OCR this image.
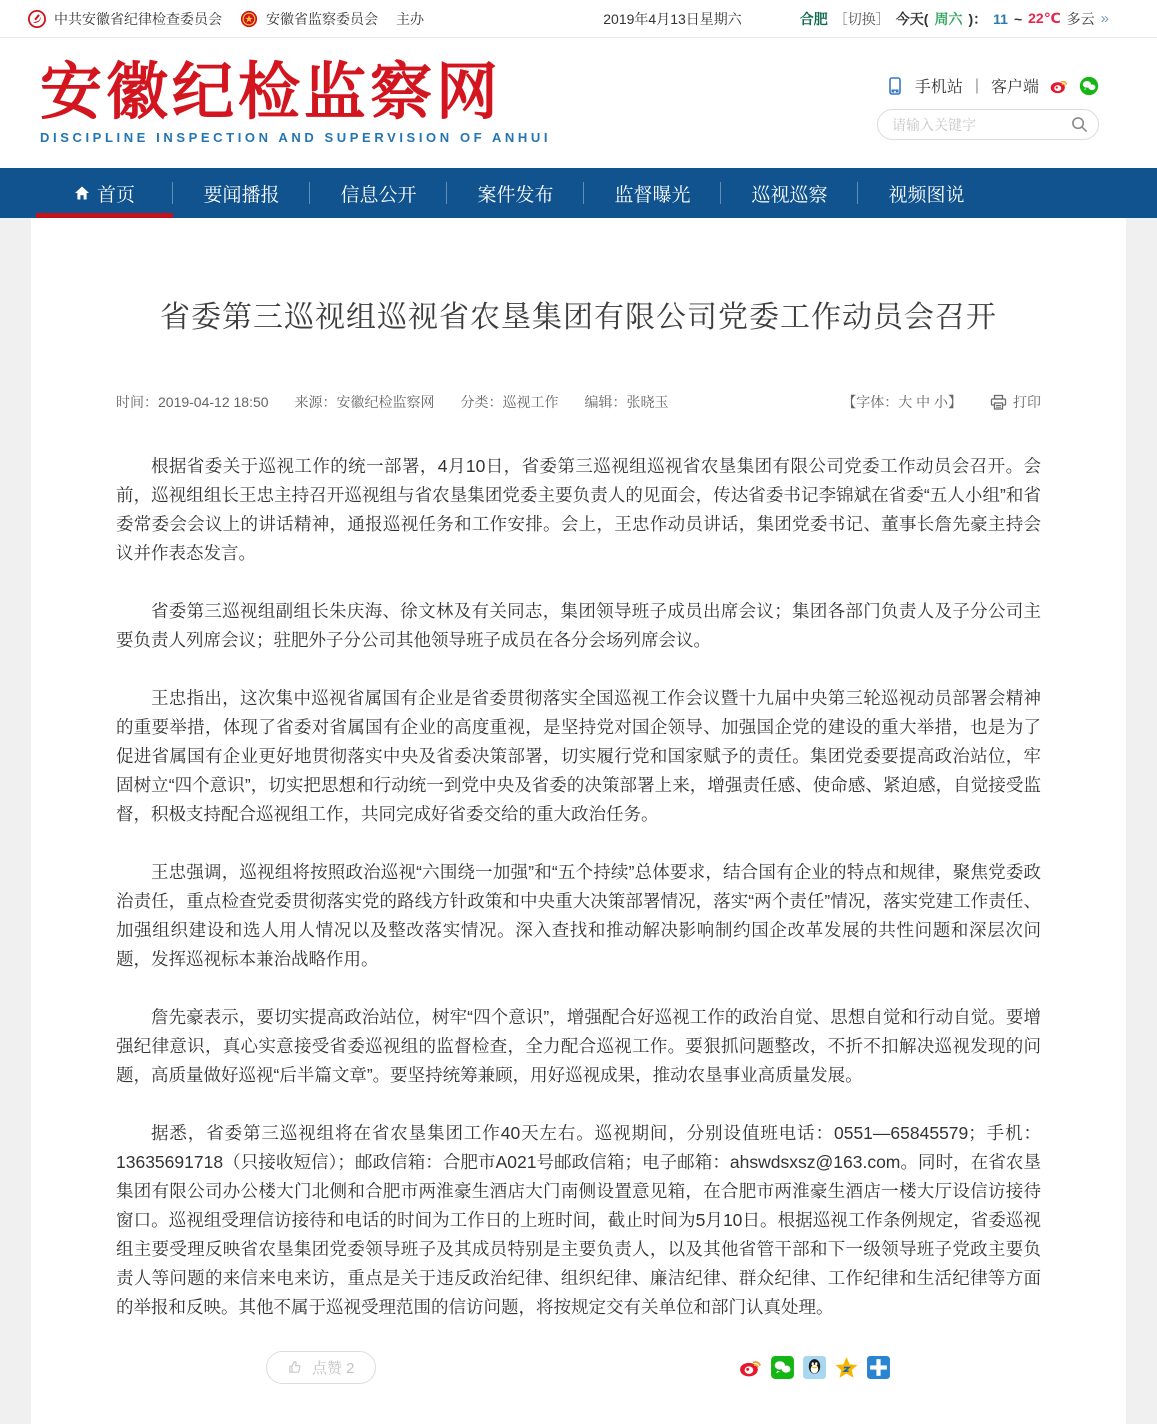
中共安徽省纪律检查委员会	安徽省监察委员会 主办	2019年4月13日星期六	合肥 ［切换］ 今天( 周六 )： 11 ~ 22℃ 多云 »
安徽纪检监察网
DISCIPLINE INSPECTION AND SUPERVISION OF ANHUI
手机站 | 客户端
请输入关键字
首页	要闻播报	信息公开	案件发布	监督曝光	巡视巡察	视频图说
省委第三巡视组巡视省农垦集团有限公司党委工作动员会召开
时间：2019-04-12 18:50 来源：安徽纪检监察网 分类：巡视工作 编辑：张晓玉	【字体：大 中 小】	打印

根据省委关于巡视工作的统一部署，4月10日，省委第三巡视组巡视省农垦集团有限公司党委工作动员会召开。会前，巡视组组长王忠主持召开巡视组与省农垦集团党委主要负责人的见面会，传达省委书记李锦斌在省委“五人小组”和省委常委会会议上的讲话精神，通报巡视任务和工作安排。会上，王忠作动员讲话，集团党委书记、董事长詹先豪主持会议并作表态发言。

省委第三巡视组副组长朱庆海、徐文林及有关同志，集团领导班子成员出席会议；集团各部门负责人及子分公司主要负责人列席会议；驻肥外子分公司其他领导班子成员在各分会场列席会议。

王忠指出，这次集中巡视省属国有企业是省委贯彻落实全国巡视工作会议暨十九届中央第三轮巡视动员部署会精神的重要举措，体现了省委对省属国有企业的高度重视，是坚持党对国企领导、加强国企党的建设的重大举措，也是为了促进省属国有企业更好地贯彻落实中央及省委决策部署，切实履行党和国家赋予的责任。集团党委要提高政治站位，牢固树立“四个意识”，切实把思想和行动统一到党中央及省委的决策部署上来，增强责任感、使命感、紧迫感，自觉接受监督，积极支持配合巡视组工作，共同完成好省委交给的重大政治任务。

王忠强调，巡视组将按照政治巡视“六围绕一加强”和“五个持续”总体要求，结合国有企业的特点和规律，聚焦党委政治责任，重点检查党委贯彻落实党的路线方针政策和中央重大决策部署情况，落实“两个责任”情况，落实党建工作责任、加强组织建设和选人用人情况以及整改落实情况。深入查找和推动解决影响制约国企改革发展的共性问题和深层次问题，发挥巡视标本兼治战略作用。

詹先豪表示，要切实提高政治站位，树牢“四个意识”，增强配合好巡视工作的政治自觉、思想自觉和行动自觉。要增强纪律意识，真心实意接受省委巡视组的监督检查，全力配合巡视工作。要狠抓问题整改，不折不扣解决巡视发现的问题，高质量做好巡视“后半篇文章”。要坚持统筹兼顾，用好巡视成果，推动农垦事业高质量发展。

据悉，省委第三巡视组将在省农垦集团工作40天左右。巡视期间，分别设值班电话：0551—65845579；手机：13635691718（只接收短信）；邮政信箱：合肥市A021号邮政信箱；电子邮箱：ahswdsxsz@163.com。同时，在省农垦集团有限公司办公楼大门北侧和合肥市两淮豪生酒店大门南侧设置意见箱，在合肥市两淮豪生酒店一楼大厅设信访接待窗口。巡视组受理信访接待和电话的时间为工作日的上班时间，截止时间为5月10日。根据巡视工作条例规定，省委巡视组主要受理反映省农垦集团党委领导班子及其成员特别是主要负责人，以及其他省管干部和下一级领导班子党政主要负责人等问题的来信来电来访，重点是关于违反政治纪律、组织纪律、廉洁纪律、群众纪律、工作纪律和生活纪律等方面的举报和反映。其他不属于巡视受理范围的信访问题，将按规定交有关单位和部门认真处理。

点赞 2
